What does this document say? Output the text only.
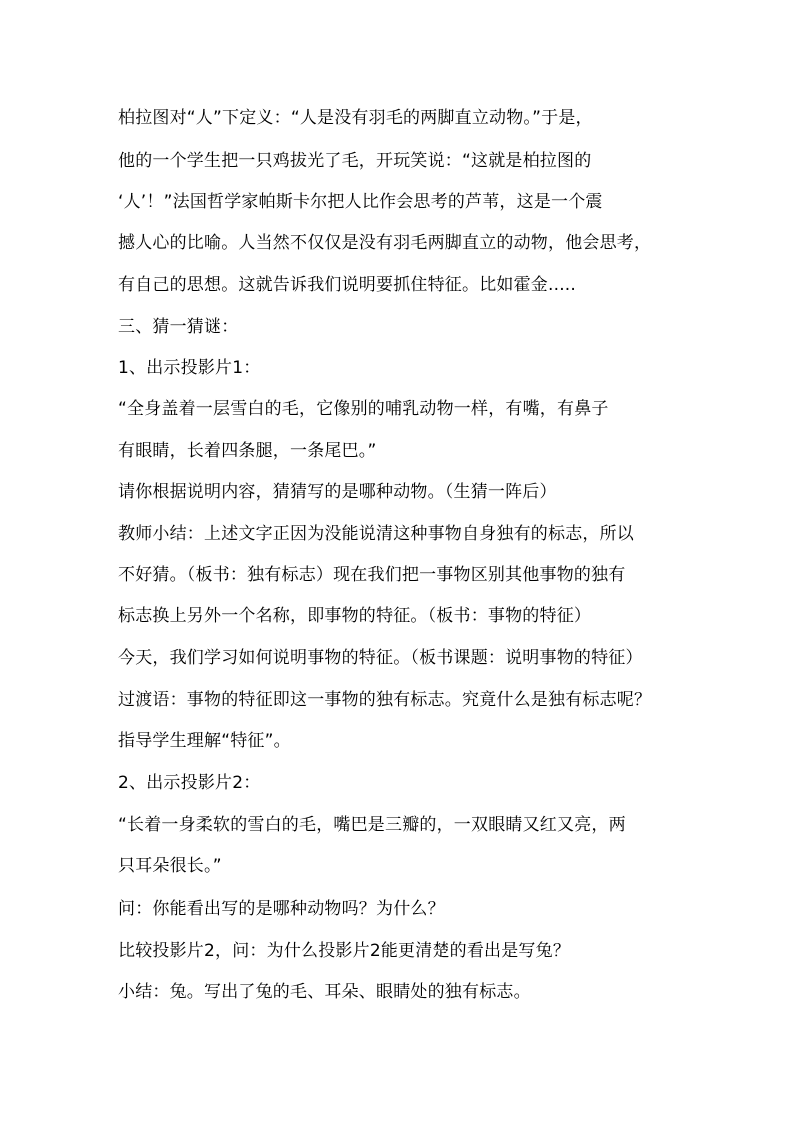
柏拉图对“人”下定义：“人是没有羽毛的两脚直立动物。”于是，
他的一个学生把一只鸡拔光了毛，开玩笑说：“这就是柏拉图的
‘人’！”法国哲学家帕斯卡尔把人比作会思考的芦苇，这是一个震
撼人心的比喻。人当然不仅仅是没有羽毛两脚直立的动物，他会思考，
有自己的思想。这就告诉我们说明要抓住特征。比如霍金.....
三、猜一猜谜：
1、出示投影片1：
“全身盖着一层雪白的毛，它像别的哺乳动物一样，有嘴，有鼻子
有眼睛，长着四条腿，一条尾巴。”
请你根据说明内容，猜猜写的是哪种动物。（生猜一阵后）
教师小结：上述文字正因为没能说清这种事物自身独有的标志，所以
不好猜。（板书：独有标志）现在我们把一事物区别其他事物的独有
标志换上另外一个名称，即事物的特征。（板书：事物的特征）
今天，我们学习如何说明事物的特征。（板书课题：说明事物的特征）
过渡语：事物的特征即这一事物的独有标志。究竟什么是独有标志呢？
指导学生理解“特征”。
2、出示投影片2：
“长着一身柔软的雪白的毛，嘴巴是三瓣的，一双眼睛又红又亮，两
只耳朵很长。”
问：你能看出写的是哪种动物吗？为什么？
比较投影片2，问：为什么投影片2能更清楚的看出是写兔？
小结：兔。写出了兔的毛、耳朵、眼睛处的独有标志。
